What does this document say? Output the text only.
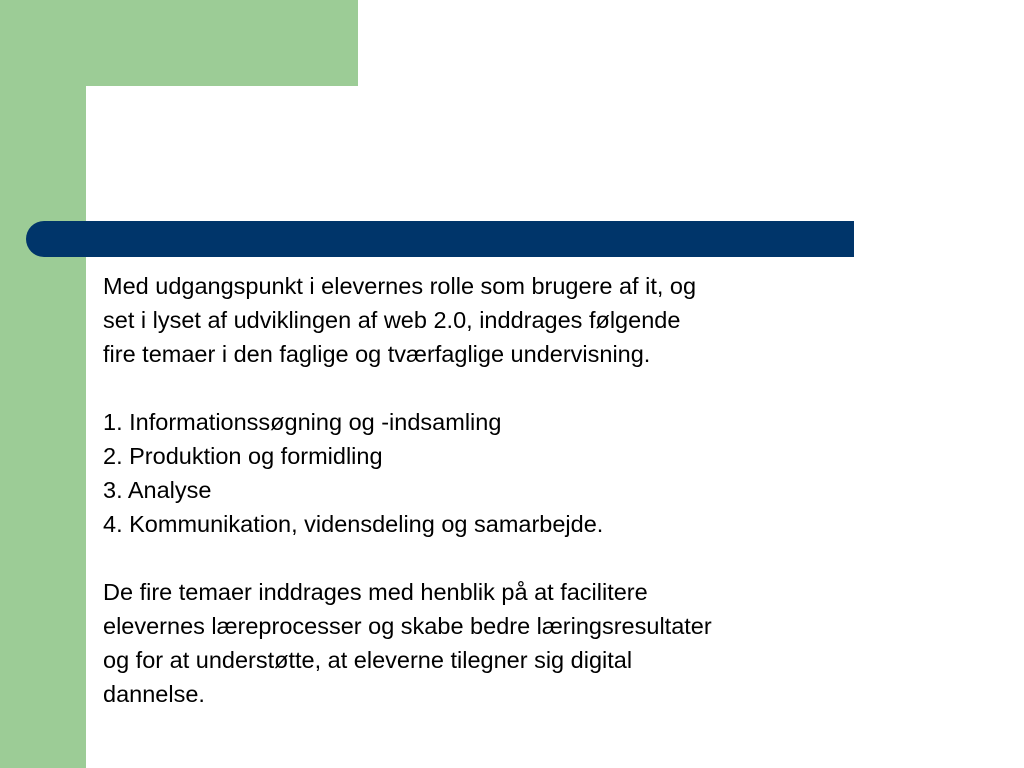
Med udgangspunkt i elevernes rolle som brugere af it, og

set i lyset af udviklingen af web 2.0, inddrages følgende

fire temaer i den faglige og tværfaglige undervisning.

1. Informationssøgning og -indsamling

2. Produktion og formidling

3. Analyse

4. Kommunikation, vidensdeling og samarbejde.

De fire temaer inddrages med henblik på at facilitere

elevernes læreprocesser og skabe bedre læringsresultater

og for at understøtte, at eleverne tilegner sig digital

dannelse.
